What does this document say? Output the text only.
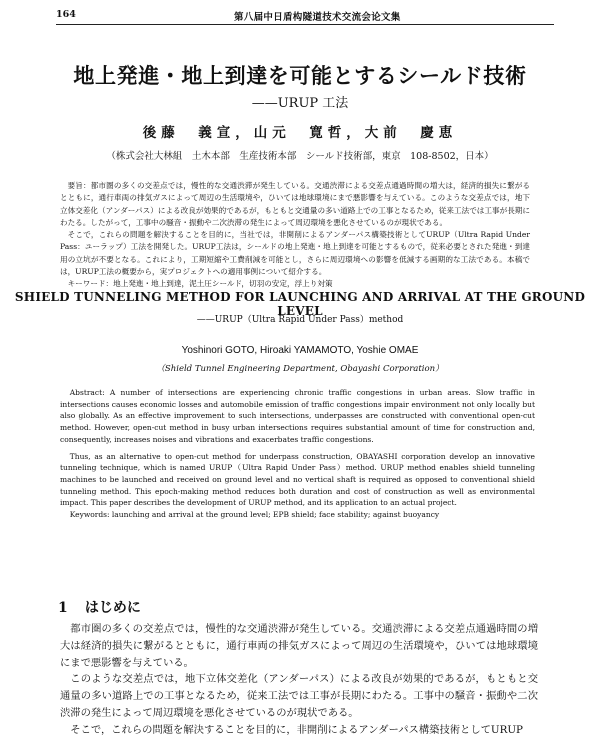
164	第八届中日盾构隧道技术交流会论文集
地上発進・地上到達を可能とするシールド技術
——URUP 工法
後藤　義宣，山元　寛哲，大前　慶恵
（株式会社大林組　土木本部　生産技術本部　シールド技術部，東京　108-8502，日本）

要旨：都市圏の多くの交差点では，慢性的な交通渋滞が発生している。交通渋滞による交差点通過時間の増大は，経済的損失に繋がるとともに，通行車両の排気ガスによって周辺の生活環境や，ひいては地球環境にまで悪影響を与えている。このような交差点では，地下立体交差化（アンダーパス）による改良が効果的であるが，もともと交通量の多い道路上での工事となるため，従来工法では工事が長期にわたる。したがって，工事中の騒音・振動や二次渋滞の発生によって周辺環境を悪化させているのが現状である。

そこで，これらの問題を解決することを目的に，当社では，非開削によるアンダーパス構築技術としてURUP（Ultra Rapid Under Pass：ユーラップ）工法を開発した。URUP工法は，シールドの地上発進・地上到達を可能とするもので，従来必要とされた発進・到達用の立坑が不要となる。これにより，工期短縮や工費削減を可能とし，さらに周辺環境への影響を低減する画期的な工法である。本稿では，URUP工法の概要から，実プロジェクトへの適用事例について紹介する。

キーワード：地上発進・地上到達，泥土圧シールド，切羽の安定，浮上り対策

SHIELD TUNNELING METHOD FOR LAUNCHING AND ARRIVAL AT THE GROUND LEVEL
——URUP（Ultra Rapid Under Pass）method
Yoshinori GOTO, Hiroaki YAMAMOTO, Yoshie OMAE
（Shield Tunnel Engineering Department, Obayashi Corporation）

Abstract: A number of intersections are experiencing chronic traffic congestions in urban areas. Slow traffic in intersections causes economic losses and automobile emission of traffic congestions impair environment not only locally but also globally. As an effective improvement to such intersections, underpasses are constructed with conventional open-cut method. However, open-cut method in busy urban intersections requires substantial amount of time for construction and, consequently, increases noises and vibrations and exacerbates traffic congestions.

Thus, as an alternative to open-cut method for underpass construction, OBAYASHI corporation develop an innovative tunneling technique, which is named URUP（Ultra Rapid Under Pass）method. URUP method enables shield tunneling machines to be launched and received on ground level and no vertical shaft is required as opposed to conventional shield tunneling method. This epoch-making method reduces both duration and cost of construction as well as environmental impact. This paper describes the development of URUP method, and its application to an actual project.

Keywords: launching and arrival at the ground level; EPB shield; face stability; against buoyancy

1 はじめに

都市圏の多くの交差点では，慢性的な交通渋滞が発生している。交通渋滞による交差点通過時間の増大は経済的損失に繋がるとともに，通行車両の排気ガスによって周辺の生活環境や，ひいては地球環境にまで悪影響を与えている。

このような交差点では，地下立体交差化（アンダーパス）による改良が効果的であるが，もともと交通量の多い道路上での工事となるため，従来工法では工事が長期にわたる。工事中の騒音・振動や二次渋滞の発生によって周辺環境を悪化させているのが現状である。

そこで，これらの問題を解決することを目的に，非開削によるアンダーパス構築技術としてURUP
